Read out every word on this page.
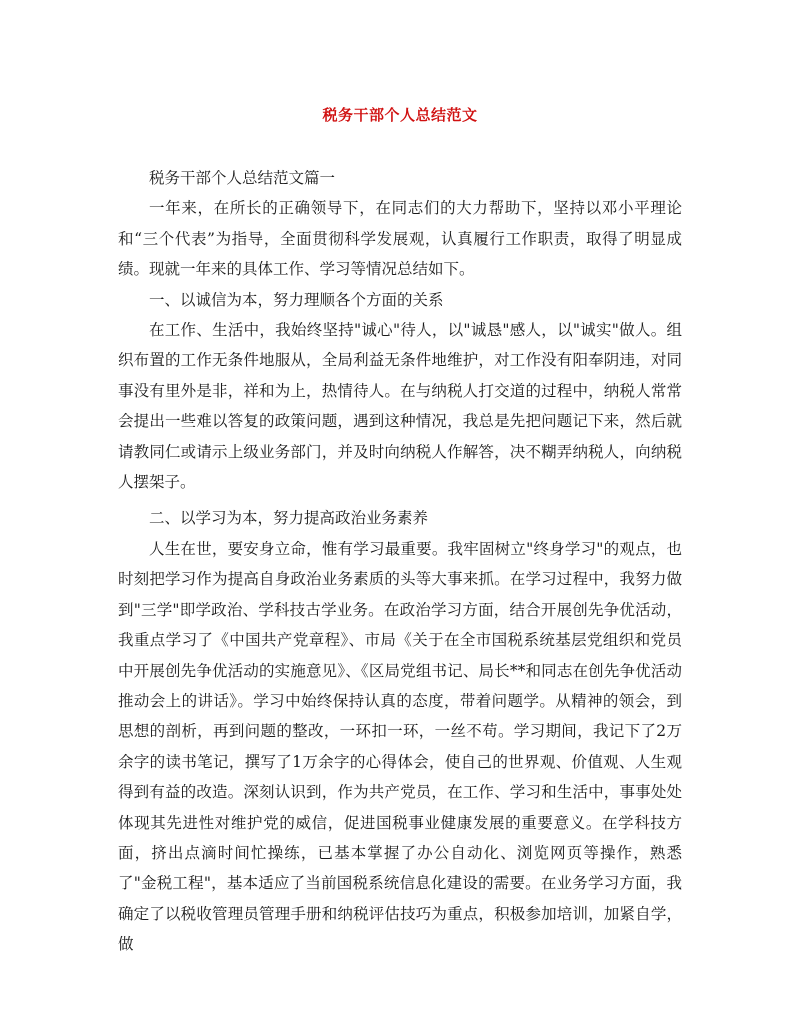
税务干部个人总结范文

税务干部个人总结范文篇一

一年来，在所长的正确领导下，在同志们的大力帮助下，坚持以邓小平理论和“三个代表”为指导，全面贯彻科学发展观，认真履行工作职责，取得了明显成绩。现就一年来的具体工作、学习等情况总结如下。

一、以诚信为本，努力理顺各个方面的关系

在工作、生活中，我始终坚持"诚心"待人，以"诚恳"感人，以"诚实"做人。组织布置的工作无条件地服从，全局利益无条件地维护，对工作没有阳奉阴违，对同事没有里外是非，祥和为上，热情待人。在与纳税人打交道的过程中，纳税人常常会提出一些难以答复的政策问题，遇到这种情况，我总是先把问题记下来，然后就请教同仁或请示上级业务部门，并及时向纳税人作解答，决不糊弄纳税人，向纳税人摆架子。

二、以学习为本，努力提高政治业务素养

人生在世，要安身立命，惟有学习最重要。我牢固树立"终身学习"的观点，也时刻把学习作为提高自身政治业务素质的头等大事来抓。在学习过程中，我努力做到"三学"即学政治、学科技古学业务。在政治学习方面，结合开展创先争优活动，我重点学习了《中国共产党章程》、市局《关于在全市国税系统基层党组织和党员中开展创先争优活动的实施意见》、《区局党组书记、局长**和同志在创先争优活动推动会上的讲话》。学习中始终保持认真的态度，带着问题学。从精神的领会，到思想的剖析，再到问题的整改，一环扣一环，一丝不苟。学习期间，我记下了2万余字的读书笔记，撰写了1万余字的心得体会，使自己的世界观、价值观、人生观得到有益的改造。深刻认识到，作为共产党员，在工作、学习和生活中，事事处处体现其先进性对维护党的威信，促进国税事业健康发展的重要意义。在学科技方面，挤出点滴时间忙操练，已基本掌握了办公自动化、浏览网页等操作，熟悉了"金税工程"，基本适应了当前国税系统信息化建设的需要。在业务学习方面，我确定了以税收管理员管理手册和纳税评估技巧为重点，积极参加培训，加紧自学，做
